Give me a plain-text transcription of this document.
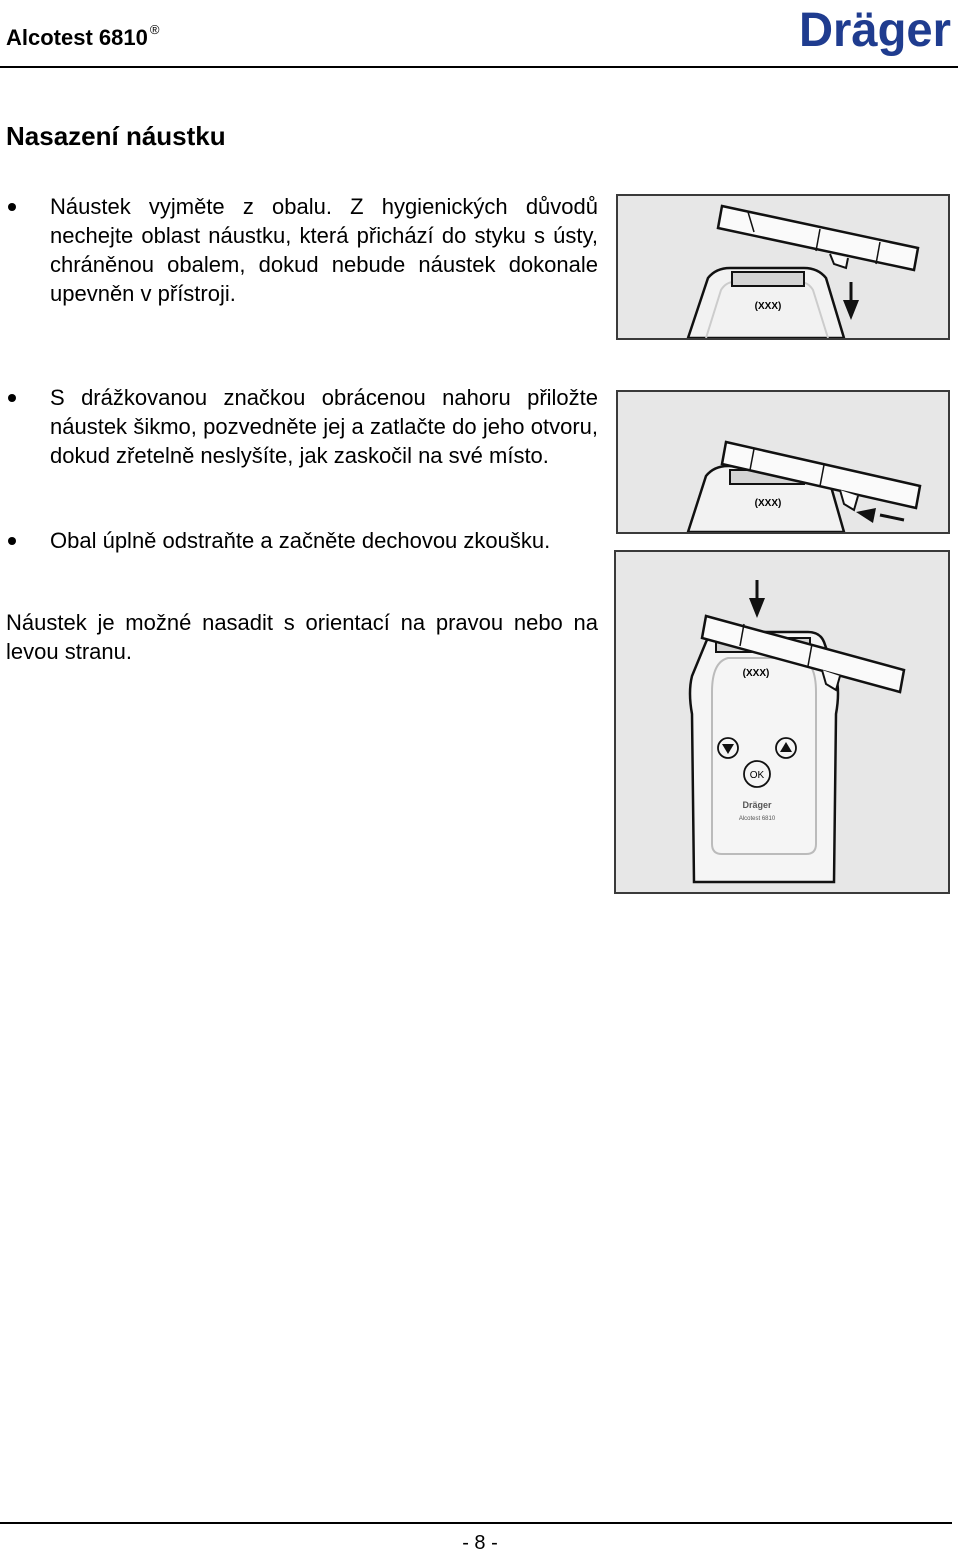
Alcotest 6810 ®	Dräger
Nasazení náustku
Náustek vyjměte z obalu. Z hygienických důvodů nechejte oblast náustku, která přichází do styku s ústy, chráněnou obalem, dokud nebude náustek dokonale upevněn v přístroji.
S drážkovanou značkou obrácenou nahoru přiložte náustek šikmo, pozvedněte jej a zatlačte do jeho otvoru, dokud zřetelně neslyšíte, jak zaskočil na své místo.
Obal úplně odstraňte a začněte dechovou zkoušku.
Náustek je možné nasadit s orientací na pravou nebo na levou stranu.
(XXX)
(XXX)
(XXX)
OK
Dräger
Alcotest 6810
- 8 -
